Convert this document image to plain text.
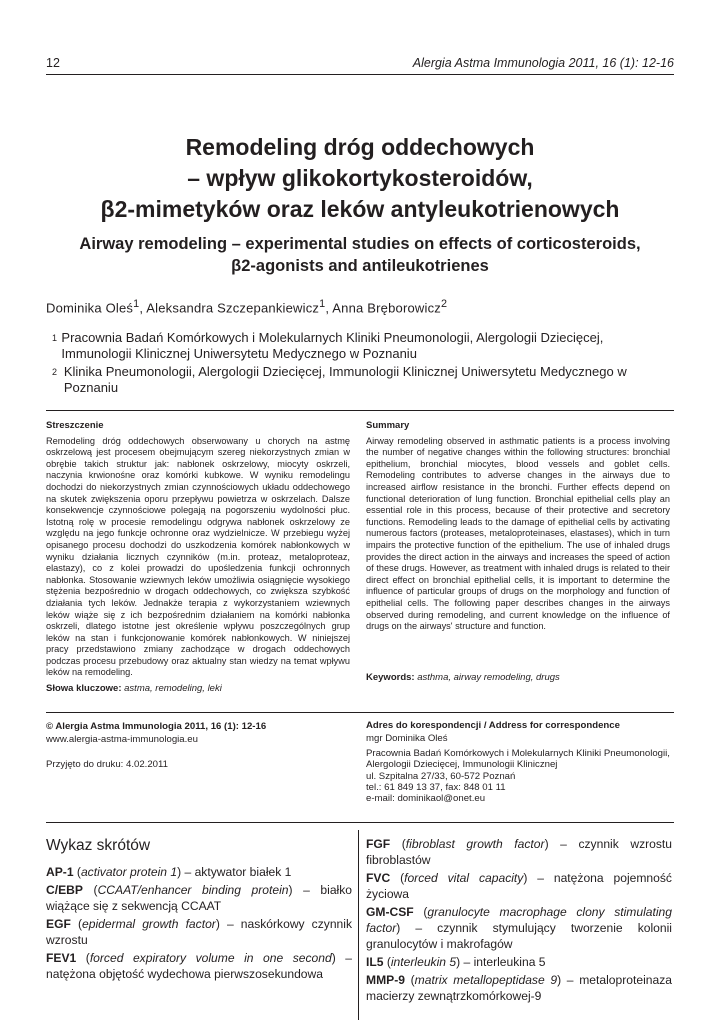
12	Alergia Astma Immunologia 2011, 16 (1): 12-16
Remodeling dróg oddechowych
– wpływ glikokortykosteroidów,
β2-mimetyków oraz leków antyleukotrienowych
Airway remodeling – experimental studies on effects of corticosteroids,
β2-agonists and antileukotrienes
Dominika Oleś$^1$, Aleksandra Szczepankiewicz$^1$, Anna Bręborowicz$^2$
1 Pracownia Badań Komórkowych i Molekularnych Kliniki Pneumonologii, Alergologii Dziecięcej, Immunologii Klinicznej Uniwersytetu Medycznego w Poznaniu
2 Klinika Pneumonologii, Alergologii Dziecięcej, Immunologii Klinicznej Uniwersytetu Medycznego w Poznaniu
Streszczenie

Remodeling dróg oddechowych obserwowany u chorych na astmę oskrzelową jest procesem obejmującym szereg niekorzystnych zmian w obrębie takich struktur jak: nabłonek oskrzelowy, miocyty oskrzeli, naczynia krwionośne oraz komórki kubkowe. W wyniku remodelingu dochodzi do niekorzystnych zmian czynnościowych układu oddechowego na skutek zwiększenia oporu przepływu powietrza w oskrzelach. Dalsze konsekwencje czynnościowe polegają na pogorszeniu wydolności płuc. Istotną rolę w procesie remodelingu odgrywa nabłonek oskrzelowy ze względu na jego funkcje ochronne oraz wydzielnicze. W przebiegu wyżej opisanego procesu dochodzi do uszkodzenia komórek nabłonkowych w wyniku działania licznych czynników (m.in. proteaz, metaloproteaz, elastazy), co z kolei prowadzi do upośledzenia funkcji ochronnych nabłonka. Stosowanie wziewnych leków umożliwia osiągnięcie wysokiego stężenia bezpośrednio w drogach oddechowych, co zwiększa szybkość działania tych leków. Jednakże terapia z wykorzystaniem wziewnych leków wiąże się z ich bezpośrednim działaniem na komórki nabłonka oskrzeli, dlatego istotne jest określenie wpływu poszczególnych grup leków na stan i funkcjonowanie komórek nabłonkowych. W niniejszej pracy przedstawiono zmiany zachodzące w drogach oddechowych podczas procesu przebudowy oraz aktualny stan wiedzy na temat wpływu leków na remodeling.

Słowa kluczowe: astma, remodeling, leki
Summary

Airway remodeling observed in asthmatic patients is a process involving the number of negative changes within the following structures: bronchial epithelium, bronchial miocytes, blood vessels and goblet cells. Remodeling contributes to adverse changes in the airways due to increased airflow resistance in the bronchi. Further effects depend on functional deterioration of lung function. Bronchial epithelial cells play an essential role in this process, because of their protective and secretory functions. Remodeling leads to the damage of epithelial cells by activating numerous factors (proteases, metaloproteinases, elastases), which in turn impairs the protective function of the epithelium. The use of inhaled drugs provides the direct action in the airways and increases the speed of action of these drugs. However, as treatment with inhaled drugs is related to their direct effect on bronchial epithelial cells, it is important to determine the influence of particular groups of drugs on the morphology and function of epithelial cells. The following paper describes changes in the airways observed during remodeling, and current knowledge on the influence of drugs on the airways' structure and function.

Keywords: asthma, airway remodeling, drugs
© Alergia Astma Immunologia 2011, 16 (1): 12-16
www.alergia-astma-immunologia.eu
Przyjęto do druku: 4.02.2011
Adres do korespondencji / Address for correspondence
mgr Dominika Oleś
Pracownia Badań Komórkowych i Molekularnych Kliniki Pneumonologii, Alergologii Dziecięcej, Immunologii Klinicznej
ul. Szpitalna 27/33, 60-572 Poznań
tel.: 61 849 13 37, fax: 848 01 11
e-mail: dominikaol@onet.eu
Wykaz skrótów
AP-1 (activator protein 1) – aktywator białek 1
C/EBP (CCAAT/enhancer binding protein) – białko wiążące się z sekwencją CCAAT
EGF (epidermal growth factor) – naskórkowy czynnik wzrostu
FEV1 (forced expiratory volume in one second) – natężona objętość wydechowa pierwszosekundowa
FGF (fibroblast growth factor) – czynnik wzrostu fibroblastów
FVC (forced vital capacity) – natężona pojemność życiowa
GM-CSF (granulocyte macrophage clony stimulating factor) – czynnik stymulujący tworzenie kolonii granulocytów i makrofagów
IL5 (interleukin 5) – interleukina 5
MMP-9 (matrix metallopeptidase 9) – metaloproteinaza macierzy zewnątrzkomórkowej-9
